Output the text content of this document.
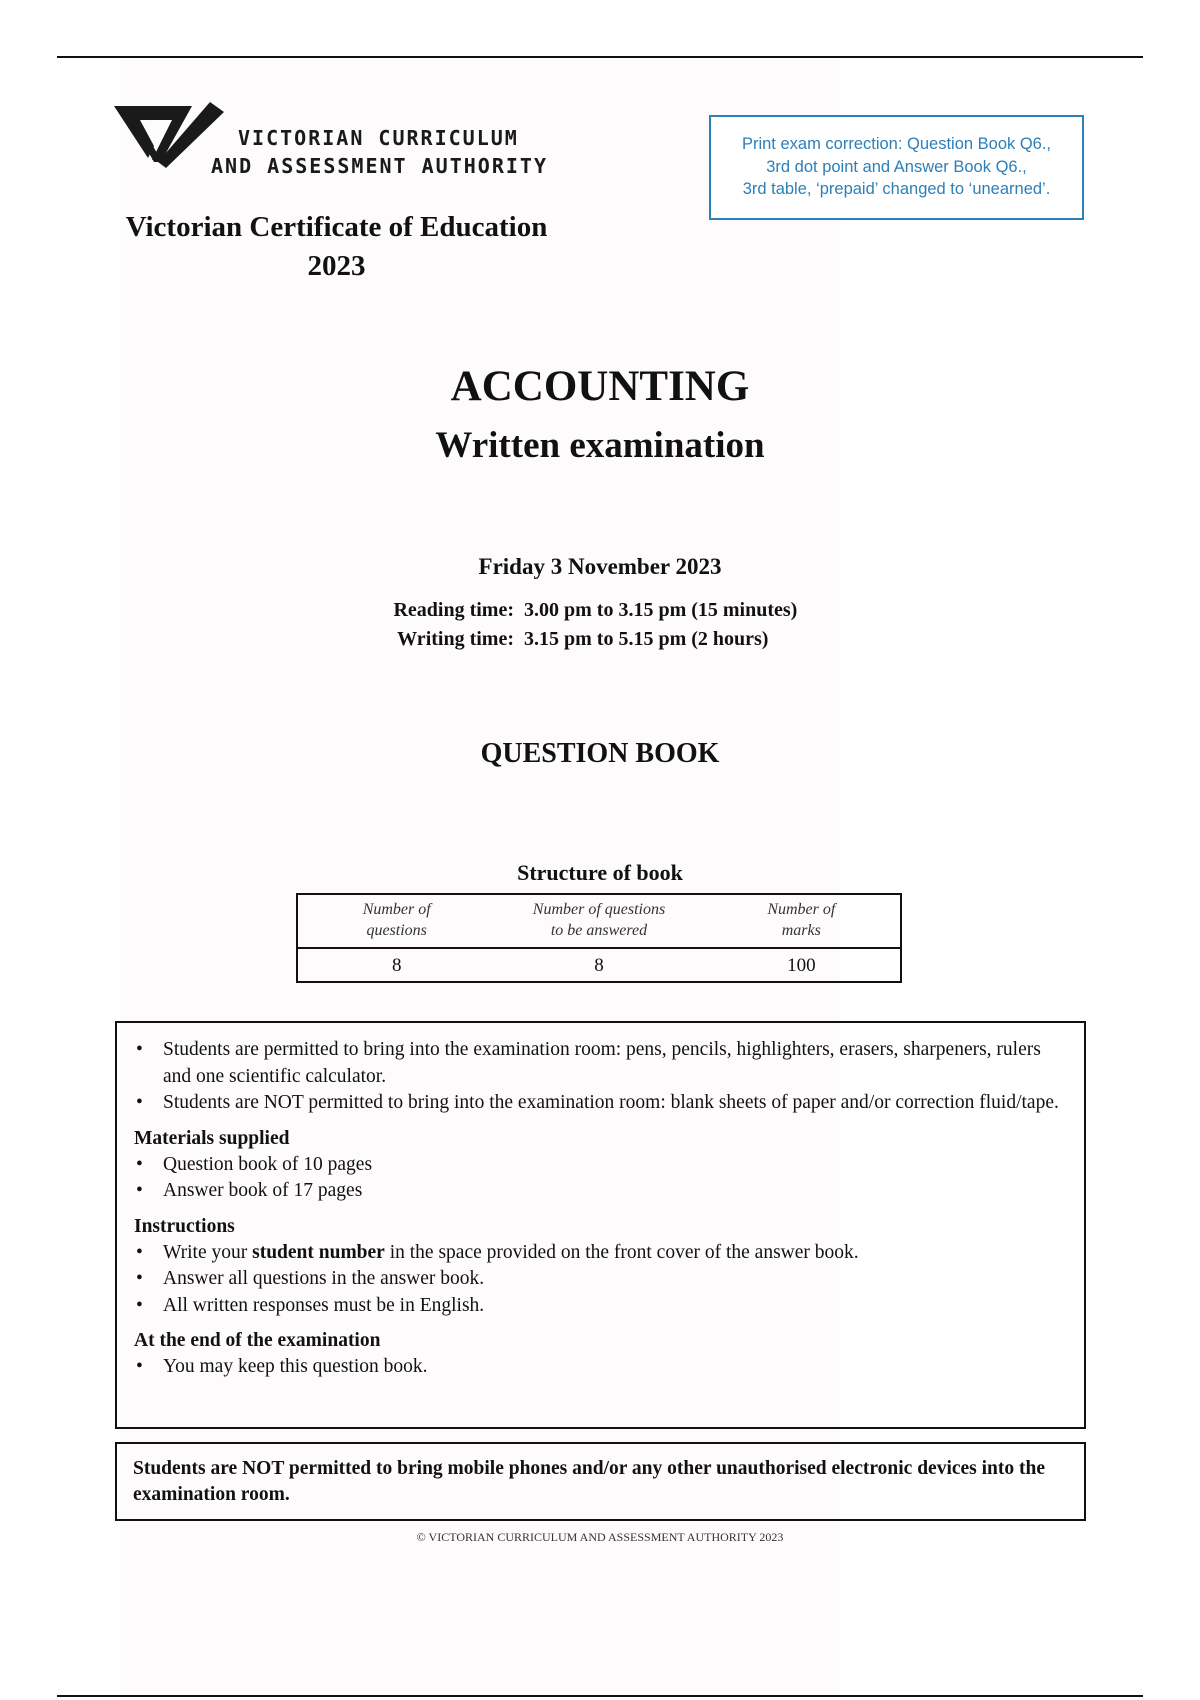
VICTORIAN CURRICULUM
AND ASSESSMENT AUTHORITY
Victorian Certificate of Education
2023
Print exam correction: Question Book Q6.,
3rd dot point and Answer Book Q6.,
3rd table, ‘prepaid’ changed to ‘unearned’.
ACCOUNTING
Written examination
Friday 3 November 2023
Reading time: 3.00 pm to 3.15 pm (15 minutes)
Writing time: 3.15 pm to 5.15 pm (2 hours)
QUESTION BOOK
Structure of book
Number of
questions
Number of questions
to be answered
Number of
marks
8	8	100
• Students are permitted to bring into the examination room: pens, pencils, highlighters, erasers, sharpeners, rulers and one scientific calculator.
• Students are NOT permitted to bring into the examination room: blank sheets of paper and/or correction fluid/tape.
Materials supplied
• Question book of 10 pages
• Answer book of 17 pages
Instructions
• Write your student number in the space provided on the front cover of the answer book.
• Answer all questions in the answer book.
• All written responses must be in English.
At the end of the examination
• You may keep this question book.
Students are NOT permitted to bring mobile phones and/or any other unauthorised electronic devices into the examination room.
© VICTORIAN CURRICULUM AND ASSESSMENT AUTHORITY 2023
